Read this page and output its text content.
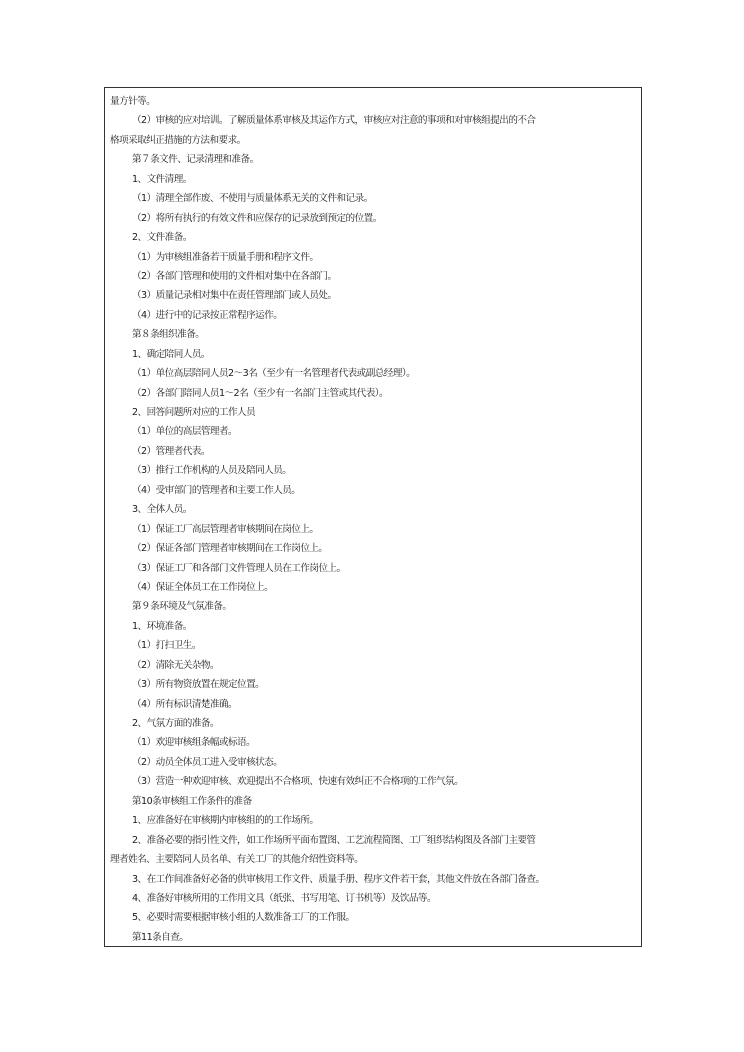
量方针等。
（2）审核的应对培训。了解质量体系审核及其运作方式，审核应对注意的事项和对审核组提出的不合
格项采取纠正措施的方法和要求。
第７条文件、记录清理和准备。
1、文件清理。
（1）清理全部作废、不使用与质量体系无关的文件和记录。
（2）将所有执行的有效文件和应保存的记录放到预定的位置。
2、文件准备。
（1）为审核组准备若干质量手册和程序文件。
（2）各部门管理和使用的文件相对集中在各部门。
（3）质量记录相对集中在责任管理部门或人员处。
（4）进行中的记录按正常程序运作。
第８条组织准备。
1、确定陪同人员。
（1）单位高层陪同人员2～3名（至少有一名管理者代表或副总经理）。
（2）各部门陪同人员1～2名（至少有一名部门主管或其代表）。
2、回答问题所对应的工作人员
（1）单位的高层管理者。
（2）管理者代表。
（3）推行工作机构的人员及陪同人员。
（4）受审部门的管理者和主要工作人员。
3、全体人员。
（1）保证工厂高层管理者审核期间在岗位上。
（2）保证各部门管理者审核期间在工作岗位上。
（3）保证工厂和各部门文件管理人员在工作岗位上。
（4）保证全体员工在工作岗位上。
第９条环境及气氛准备。
1、环境准备。
（1）打扫卫生。
（2）清除无关杂物。
（3）所有物资放置在规定位置。
（4）所有标识清楚准确。
2、气氛方面的准备。
（1）欢迎审核组条幅或标语。
（2）动员全体员工进入受审核状态。
（3）营造一种欢迎审核、欢迎提出不合格项、快速有效纠正不合格项的工作气氛。
第10条审核组工作条件的准备
1、应准备好在审核期内审核组的的工作场所。
2、准备必要的指引性文件，如工作场所平面布置图、工艺流程简图、工厂组织结构图及各部门主要管
理者姓名、主要陪同人员名单、有关工厂的其他介绍性资料等。
3、在工作间准备好必备的供审核用工作文件、质量手册、程序文件若干套，其他文件放在各部门备查。
4、准备好审核所用的工作用文具（纸张、书写用笔、订书机等）及饮品等。
5、必要时需要根据审核小组的人数准备工厂的工作服。
第11条自查。
